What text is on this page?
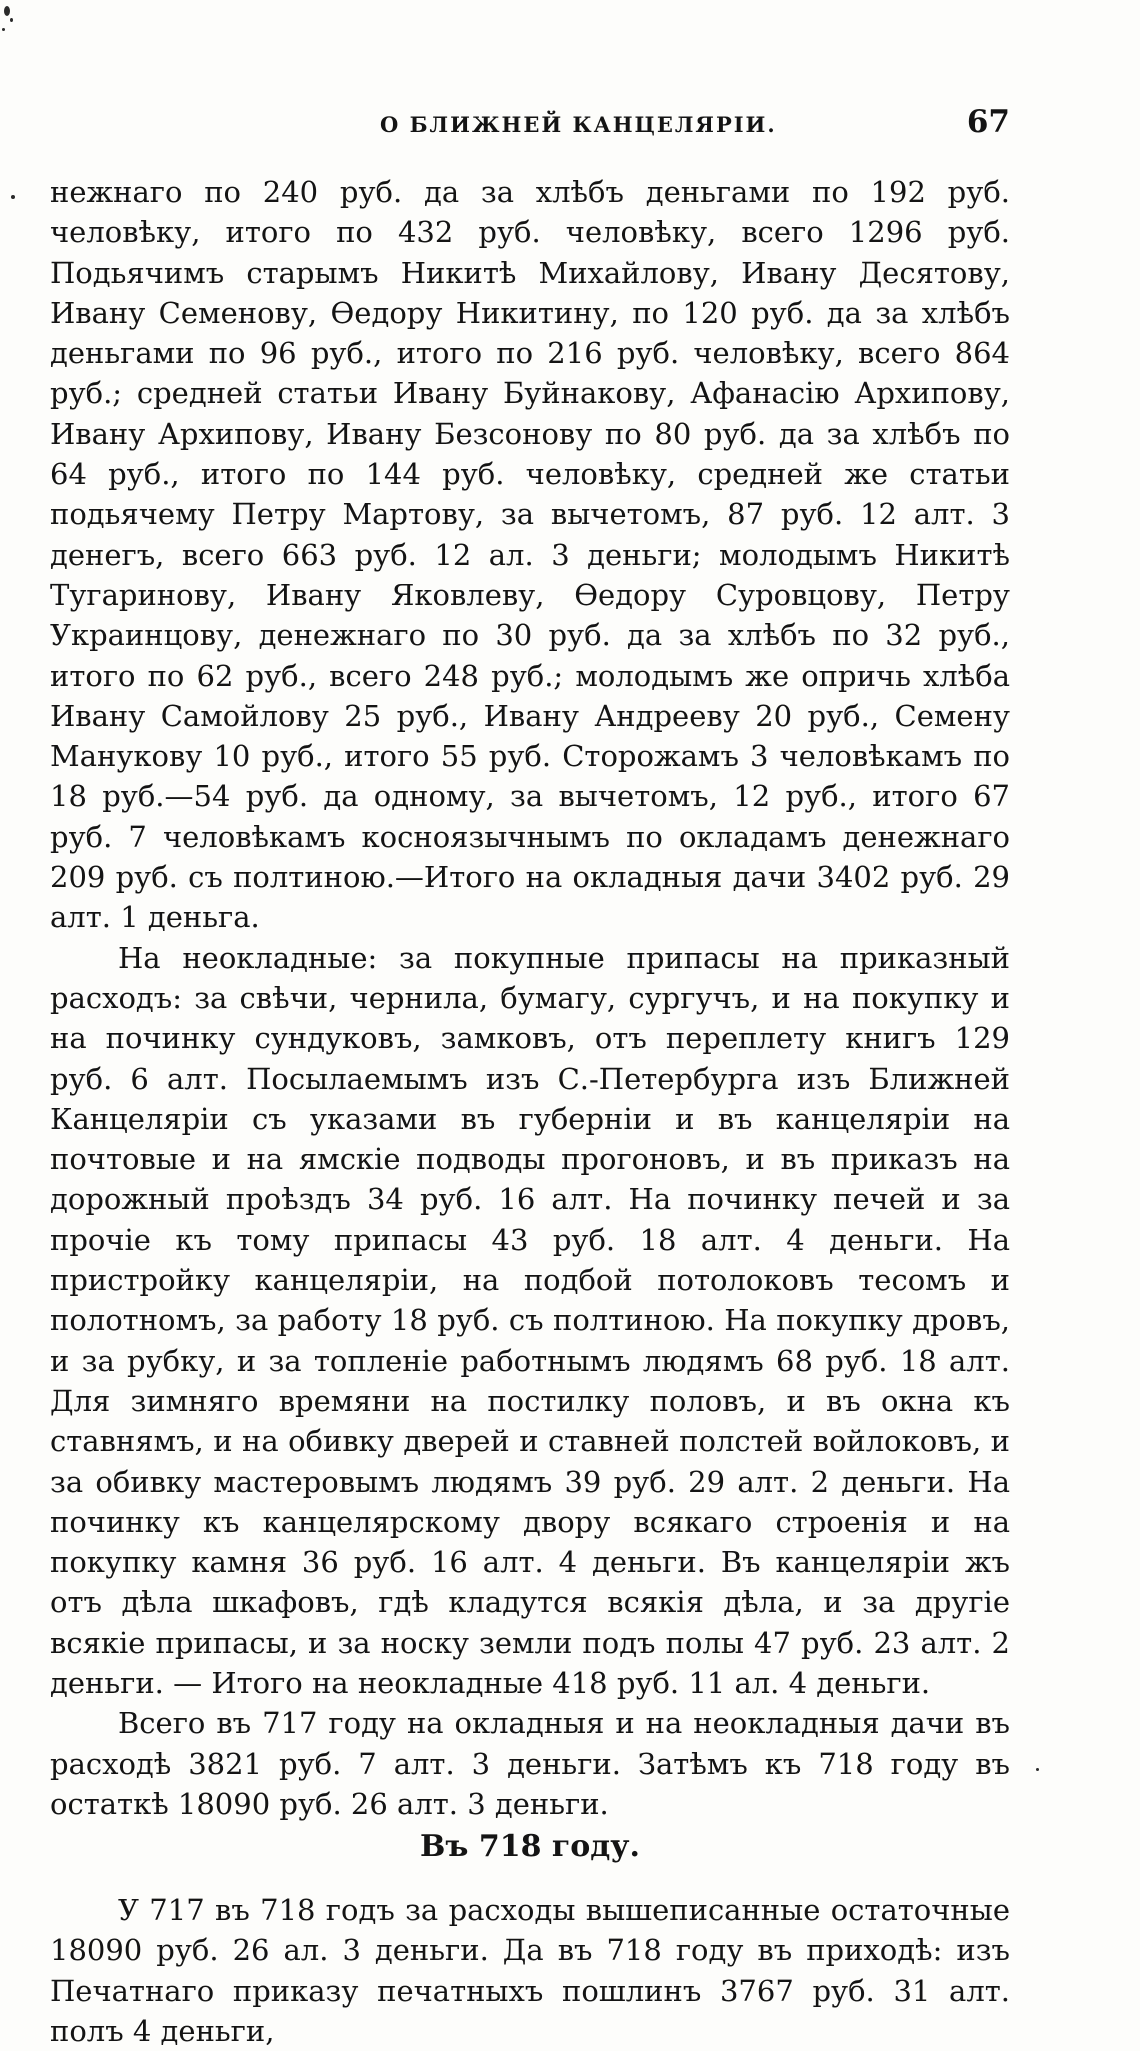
О БЛИЖНЕЙ КАНЦЕЛЯРІИ.	67

нежнаго по 240 руб. да за хлѣбъ деньгами по 192 руб. человѣку, итого по 432 руб. человѣку, всего 1296 руб. Подьячимъ старымъ Никитѣ Михайлову, Ивану Десятову, Ивану Семенову, Ѳедору Никитину, по 120 руб. да за хлѣбъ деньгами по 96 руб., итого по 216 руб. человѣку, всего 864 руб.; средней статьи Ивану Буйнакову, Афанасію Архипову, Ивану Архипову, Ивану Безсонову по 80 руб. да за хлѣбъ по 64 руб., итого по 144 руб. человѣку, средней же статьи подьячему Петру Мартову, за вычетомъ, 87 руб. 12 алт. 3 денегъ, всего 663 руб. 12 ал. 3 деньги; молодымъ Никитѣ Тугаринову, Ивану Яковлеву, Ѳедору Суровцову, Петру Украинцову, денежнаго по 30 руб. да за хлѣбъ по 32 руб., итого по 62 руб., всего 248 руб.; молодымъ же опричь хлѣба Ивану Самойлову 25 руб., Ивану Андрееву 20 руб., Семену Манукову 10 руб., итого 55 руб. Сторожамъ 3 человѣкамъ по 18 руб.—54 руб. да одному, за вычетомъ, 12 руб., итого 67 руб. 7 человѣкамъ косноязычнымъ по окладамъ денежнаго 209 руб. съ полтиною.—Итого на окладныя дачи 3402 руб. 29 алт. 1 деньга.

На неокладные: за покупные припасы на приказный расходъ: за свѣчи, чернила, бумагу, сургучъ, и на покупку и на починку сундуковъ, замковъ, отъ переплету книгъ 129 руб. 6 алт. Посылаемымъ изъ С.-Петербурга изъ Ближней Канцеляріи съ указами въ губерніи и въ канцеляріи на почтовые и на ямскіе подводы прогоновъ, и въ приказъ на дорожный проѣздъ 34 руб. 16 алт. На починку печей и за прочіе къ тому припасы 43 руб. 18 алт. 4 деньги. На пристройку канцеляріи, на подбой потолоковъ тесомъ и полотномъ, за работу 18 руб. съ полтиною. На покупку дровъ, и за рубку, и за топленіе работнымъ людямъ 68 руб. 18 алт. Для зимняго времяни на постилку половъ, и въ окна къ ставнямъ, и на обивку дверей и ставней полстей войлоковъ, и за обивку мастеровымъ людямъ 39 руб. 29 алт. 2 деньги. На починку къ канцелярскому двору всякаго строенія и на покупку камня 36 руб. 16 алт. 4 деньги. Въ канцеляріи жъ отъ дѣла шкафовъ, гдѣ кладутся всякія дѣла, и за другіе всякіе припасы, и за носку земли подъ полы 47 руб. 23 алт. 2 деньги. — Итого на неокладные 418 руб. 11 ал. 4 деньги.

Всего въ 717 году на окладныя и на неокладныя дачи въ расходѣ 3821 руб. 7 алт. 3 деньги. Затѣмъ къ 718 году въ остаткѣ 18090 руб. 26 алт. 3 деньги.

Въ 718 году.

У 717 въ 718 годъ за расходы вышеписанные остаточные 18090 руб. 26 ал. 3 деньги. Да въ 718 году въ приходѣ: изъ Печатнаго приказу печатныхъ пошлинъ 3767 руб. 31 алт. полъ 4 деньги,
